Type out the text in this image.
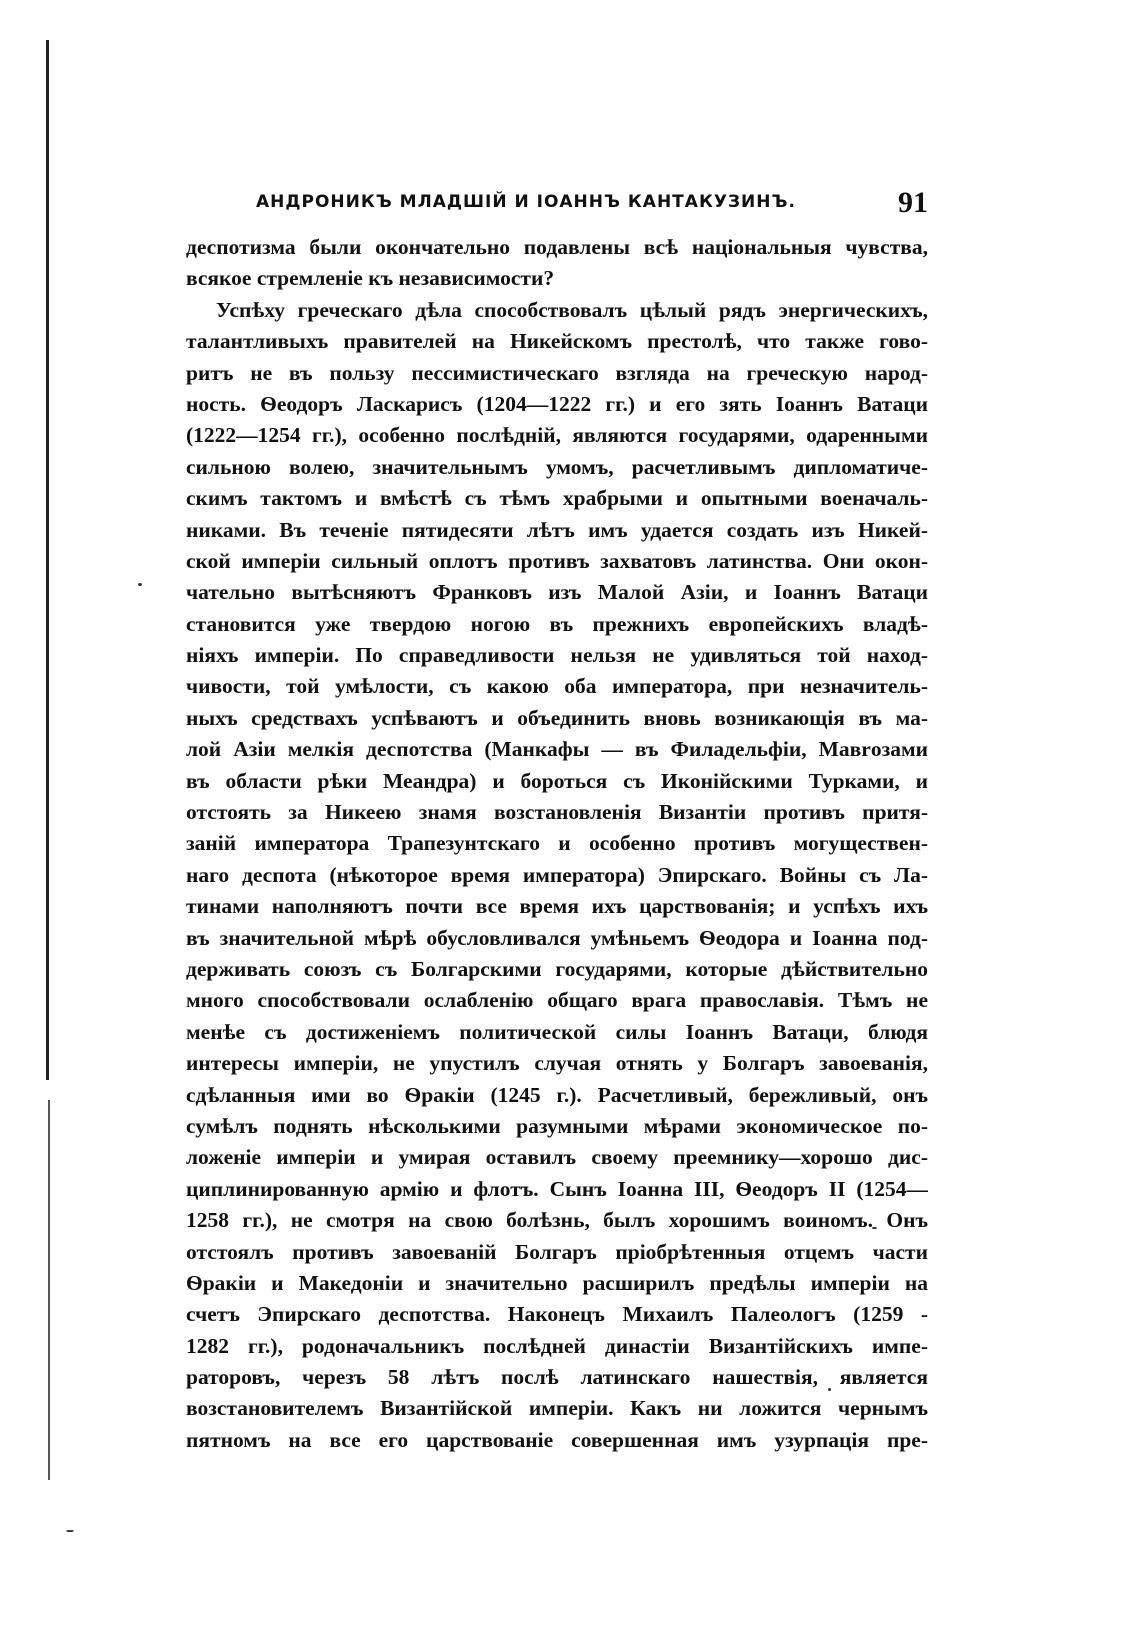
АНДРОНИКЪ МЛАДШІЙ И ІОАННЪ КАНТАКУЗИНЪ.	91
деспотизма были окончательно подавлены всѣ національныя чувства,
всякое стремленіе къ независимости?
Успѣху греческаго дѣла способствовалъ цѣлый рядъ энергическихъ,
талантливыхъ правителей на Никейскомъ престолѣ, что также гово-
ритъ не въ пользу пессимистическаго взгляда на греческую народ-
ность. Ѳеодоръ Ласкарисъ (1204—1222 гг.) и его зять Іоаннъ Ватаци
(1222—1254 гг.), особенно послѣдній, являются государями, одаренными
сильною волею, значительнымъ умомъ, расчетливымъ дипломатиче-
скимъ тактомъ и вмѣстѣ съ тѣмъ храбрыми и опытными военачаль-
никами. Въ теченіе пятидесяти лѣтъ имъ удается создать изъ Никей-
ской имперіи сильный оплотъ противъ захватовъ латинства. Они окон-
чательно вытѣсняютъ Франковъ изъ Малой Азіи, и Іоаннъ Ватаци
становится уже твердою ногою въ прежнихъ европейскихъ владѣ-
ніяхъ имперіи. По справедливости нельзя не удивляться той наход-
чивости, той умѣлости, съ какою оба императора, при незначитель-
ныхъ средствахъ успѣваютъ и объединить вновь возникающія въ ма-
лой Азіи мелкія деспотства (Манкафы — въ Филадельфіи, Мавrозами
въ области рѣки Меандра) и бороться съ Иконійскими Турками, и
отстоять за Никеею знамя возстановленія Византіи противъ притя-
заній императора Трапезунтскаго и особенно противъ могуществен-
наго деспота (нѣкоторое время императора) Эпирскаго. Войны съ Ла-
тинами наполняютъ почти все время ихъ царствованія; и успѣхъ ихъ
въ значительной мѣрѣ обусловливался умѣньемъ Ѳеодора и Іоанна под-
держивать союзъ съ Болгарскими государями, которые дѣйствительно
много способствовали ослабленію общаго врага православія. Тѣмъ не
менѣе съ достиженіемъ политической силы Іоаннъ Ватаци, блюдя
интересы имперіи, не упустилъ случая отнять у Болгаръ завоеванія,
сдѣланныя ими во Ѳракіи (1245 г.). Расчетливый, бережливый, онъ
сумѣлъ поднять нѣсколькими разумными мѣрами экономическое по-
ложеніе имперіи и умирая оставилъ своему преемнику—хорошо дис-
циплинированную армію и флотъ. Сынъ Іоанна III, Ѳеодоръ II (1254—
1258 гг.), не смотря на свою болѣзнь, былъ хорошимъ воиномъ. Онъ
отстоялъ противъ завоеваній Болгаръ пріобрѣтенныя отцемъ части
Ѳракіи и Македоніи и значительно расширилъ предѣлы имперіи на
счетъ Эпирскаго деспотства. Наконецъ Михаилъ Палеологъ (1259 -
1282 гг.), родоначальникъ послѣдней династіи Византійскихъ импе-
раторовъ, черезъ 58 лѣтъ послѣ латинскаго нашествія, является
возстановителемъ Византійской имперіи. Какъ ни ложится чернымъ
пятномъ на все его царствованіе совершенная имъ узурпація пре-
